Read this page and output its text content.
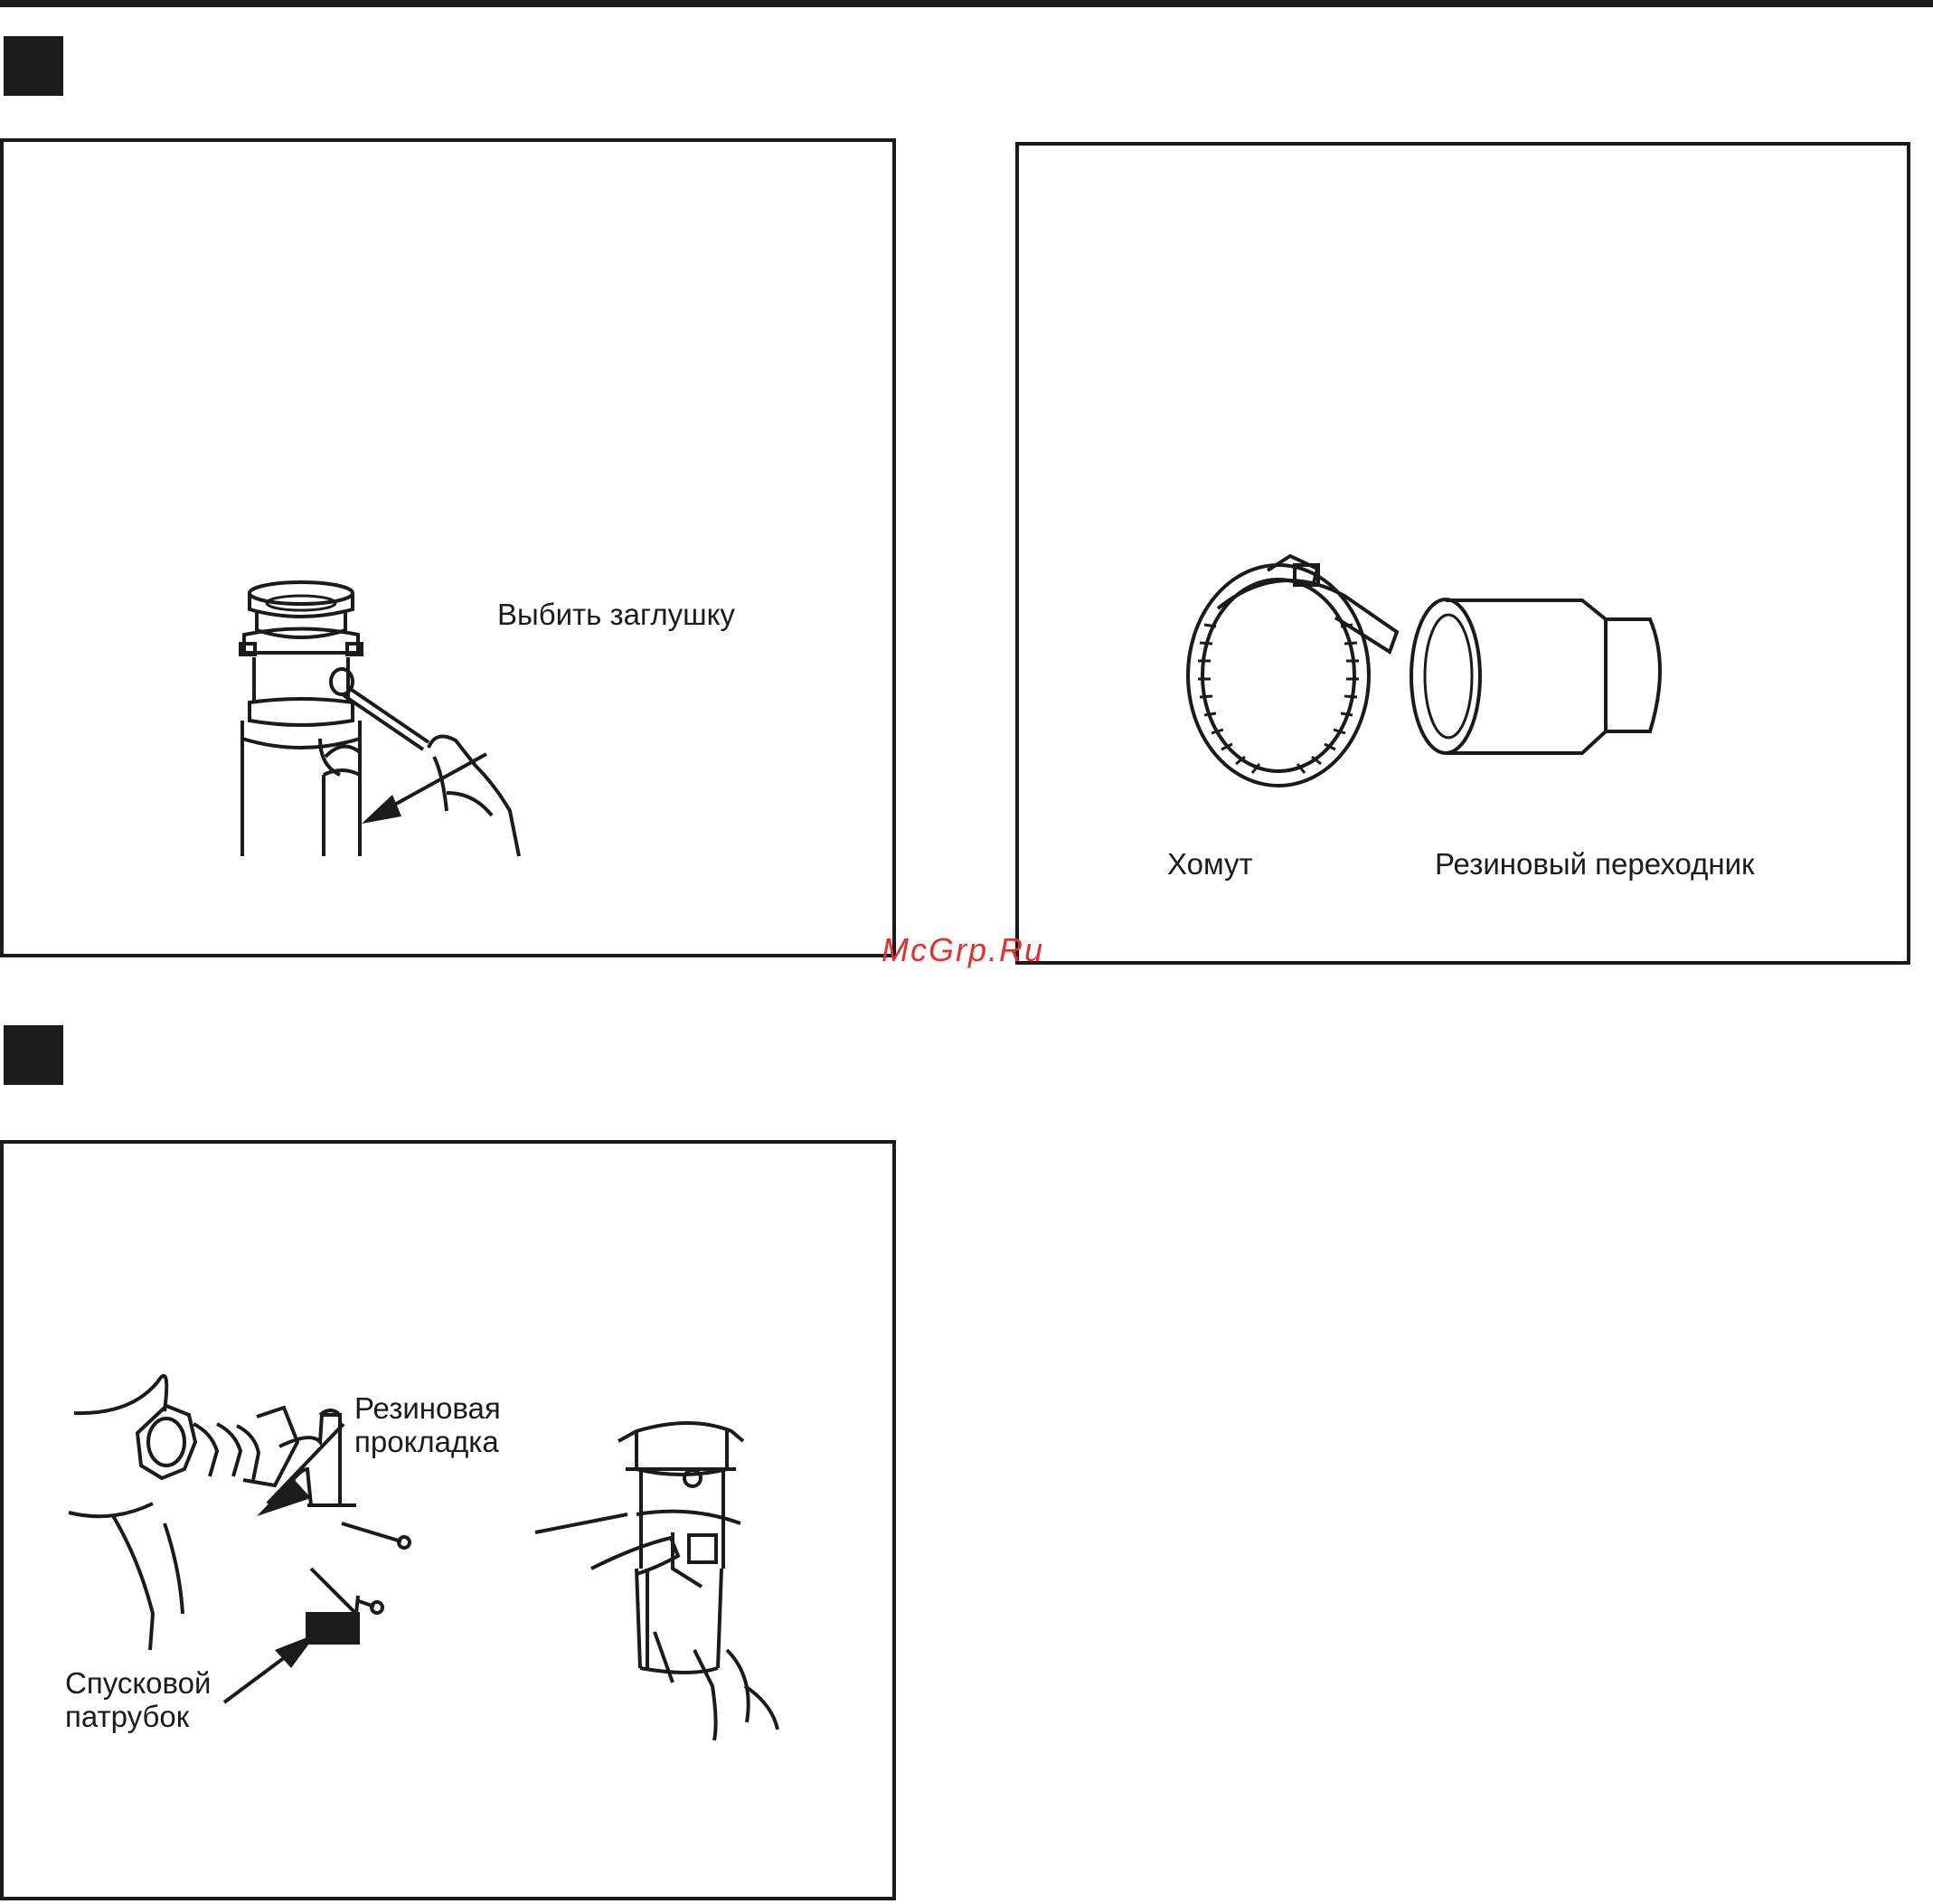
Выбить заглушку
Хомут	Резиновый переходник
McGrp.Ru
Резиновая
прокладка
Спусковой
патрубок
